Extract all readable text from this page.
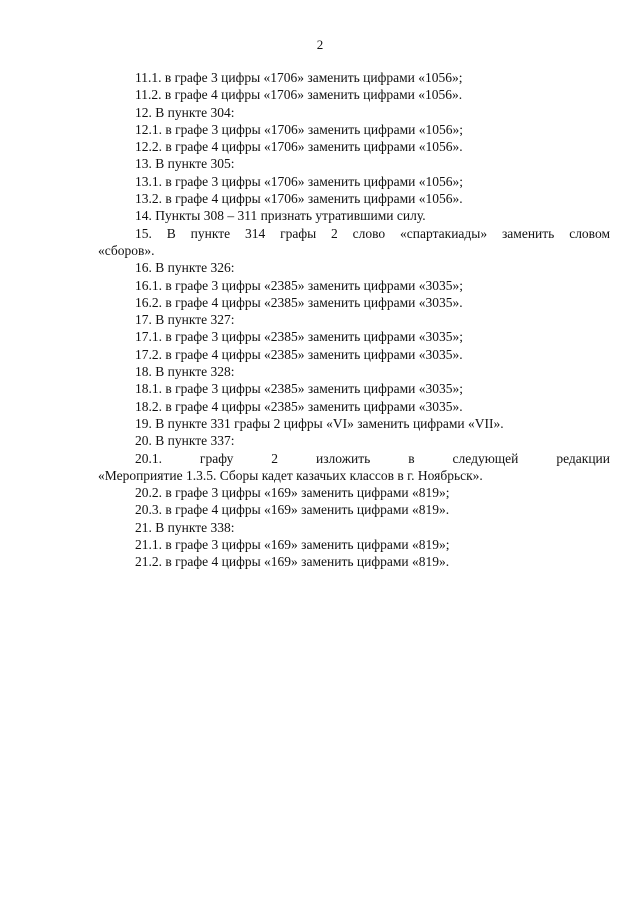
2
11.1. в графе 3 цифры «1706» заменить цифрами «1056»;
11.2. в графе 4 цифры «1706» заменить цифрами «1056».
12. В пункте 304:
12.1. в графе 3 цифры «1706» заменить цифрами «1056»;
12.2. в графе 4 цифры «1706» заменить цифрами «1056».
13. В пункте 305:
13.1. в графе 3 цифры «1706» заменить цифрами «1056»;
13.2. в графе 4 цифры «1706» заменить цифрами «1056».
14. Пункты 308 – 311 признать утратившими силу.
15. В пункте 314 графы 2 слово «спартакиады» заменить словом
«сборов».
16. В пункте 326:
16.1. в графе 3 цифры «2385» заменить цифрами «3035»;
16.2. в графе 4 цифры «2385» заменить цифрами «3035».
17. В пункте 327:
17.1. в графе 3 цифры «2385» заменить цифрами «3035»;
17.2. в графе 4 цифры «2385» заменить цифрами «3035».
18. В пункте 328:
18.1. в графе 3 цифры «2385» заменить цифрами «3035»;
18.2. в графе 4 цифры «2385» заменить цифрами «3035».
19. В пункте 331 графы 2 цифры «VI» заменить цифрами «VII».
20. В пункте 337:
20.1. графу 2 изложить в следующей редакции
«Мероприятие 1.3.5. Сборы кадет казачьих классов в г. Ноябрьск».
20.2. в графе 3 цифры «169» заменить цифрами «819»;
20.3. в графе 4 цифры «169» заменить цифрами «819».
21. В пункте 338:
21.1. в графе 3 цифры «169» заменить цифрами «819»;
21.2. в графе 4 цифры «169» заменить цифрами «819».
